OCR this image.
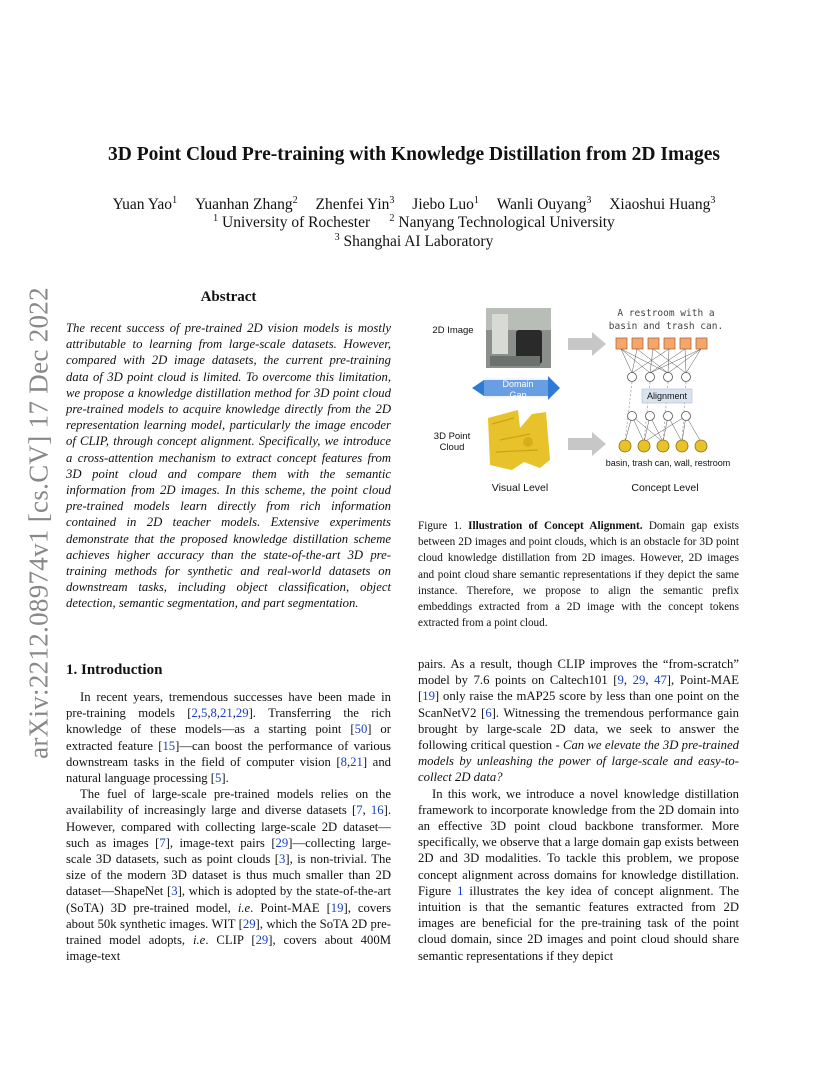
arXiv:2212.08974v1 [cs.CV] 17 Dec 2022
3D Point Cloud Pre-training with Knowledge Distillation from 2D Images
Yuan Yao$^1$ Yuanhan Zhang$^2$ Zhenfei Yin$^3$ Jiebo Luo$^1$ Wanli Ouyang$^3$ Xiaoshui Huang$^3$
$^1$ University of Rochester $^2$ Nanyang Technological University
$^3$ Shanghai AI Laboratory
Abstract
The recent success of pre-trained 2D vision models is mostly attributable to learning from large-scale datasets. However, compared with 2D image datasets, the current pre-training data of 3D point cloud is limited. To overcome this limitation, we propose a knowledge distillation method for 3D point cloud pre-trained models to acquire knowledge directly from the 2D representation learning model, particularly the image encoder of CLIP, through concept alignment. Specifically, we introduce a cross-attention mechanism to extract concept features from 3D point cloud and compare them with the semantic information from 2D images. In this scheme, the point cloud pre-trained models learn directly from rich information contained in 2D teacher models. Extensive experiments demonstrate that the proposed knowledge distillation scheme achieves higher accuracy than the state-of-the-art 3D pre-training methods for synthetic and real-world datasets on downstream tasks, including object classification, object detection, semantic segmentation, and part segmentation.
1. Introduction

In recent years, tremendous successes have been made in pre-training models [2,5,8,21,29]. Transferring the rich knowledge of these models—as a starting point [50] or extracted feature [15]—can boost the performance of various downstream tasks in the field of computer vision [8,21] and natural language processing [5].

The fuel of large-scale pre-trained models relies on the availability of increasingly large and diverse datasets [7, 16]. However, compared with collecting large-scale 2D dataset—such as images [7], image-text pairs [29]—collecting large-scale 3D datasets, such as point clouds [3], is non-trivial. The size of the modern 3D dataset is thus much smaller than 2D dataset—ShapeNet [3], which is adopted by the state-of-the-art (SoTA) 3D pre-trained model, i.e. Point-MAE [19], covers about 50k synthetic images. WIT [29], which the SoTA 2D pre-trained model adopts, i.e. CLIP [29], covers about 400M image-text

pairs. As a result, though CLIP improves the “from-scratch” model by 7.6 points on Caltech101 [9, 29, 47], Point-MAE [19] only raise the mAP25 score by less than one point on the ScanNetV2 [6]. Witnessing the tremendous performance gain brought by large-scale 2D data, we seek to answer the following critical question - Can we elevate the 3D pre-trained models by unleashing the power of large-scale and easy-to-collect 2D data?

In this work, we introduce a novel knowledge distillation framework to incorporate knowledge from the 2D domain into an effective 3D point cloud backbone transformer. More specifically, we observe that a large domain gap exists between 2D and 3D modalities. To tackle this problem, we propose concept alignment across domains for knowledge distillation. Figure 1 illustrates the key idea of concept alignment. The intuition is that the semantic features extracted from 2D images are beneficial for the pre-training task of the point cloud domain, since 2D images and point cloud should share semantic representations if they depict

2D Image
3D Point Cloud
Domain Gap
A restroom with a
basin and trash can.
Alignment
basin, trash can, wall, restroom
Visual Level	Concept Level
Figure 1. Illustration of Concept Alignment. Domain gap exists between 2D images and point clouds, which is an obstacle for 3D point cloud knowledge distillation from 2D images. However, 2D images and point cloud share semantic representations if they depict the same instance. Therefore, we propose to align the semantic prefix embeddings extracted from a 2D image with the concept tokens extracted from a point cloud.
